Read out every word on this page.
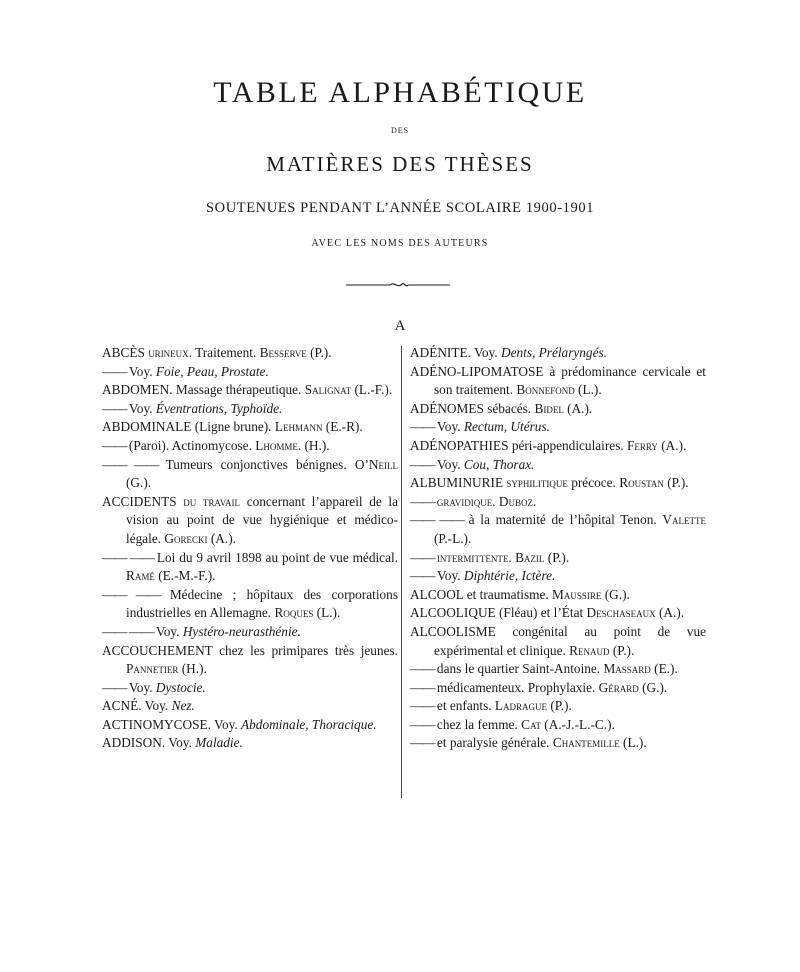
TABLE ALPHABÉTIQUE
DES
MATIÈRES DES THÈSES
SOUTENUES PENDANT L’ANNÉE SCOLAIRE 1900-1901
AVEC LES NOMS DES AUTEURS
A
ABCÈS urineux. Traitement. Besserve (P.).
—— Voy. Foie, Peau, Prostate.
ABDOMEN. Massage thérapeutique. Salignat (L.-F.).
—— Voy. Éventrations, Typhoïde.
ABDOMINALE (Ligne brune). Lehmann (E.-R).
—— (Paroi). Actinomycose. Lhomme. (H.).
—— —— Tumeurs conjonctives bénignes. O’Neill (G.).
ACCIDENTS du travail concernant l’appareil de la vision au point de vue hygiénique et médico-légale. Gorecki (A.).
—— —— Loi du 9 avril 1898 au point de vue médical. Ramé (E.-M.-F.).
—— —— Médecine ; hôpitaux des corporations industrielles en Allemagne. Roques (L.).
—— —— Voy. Hystéro-neurasthénie.
ACCOUCHEMENT chez les primipares très jeunes. Pannetier (H.).
—— Voy. Dystocie.
ACNÉ. Voy. Nez.
ACTINOMYCOSE. Voy. Abdominale, Thoracique.
ADDISON. Voy. Maladie.
ADÉNITE. Voy. Dents, Prélaryngés.
ADÉNO-LIPOMATOSE à prédominance cervicale et son traitement. Bonnefond (L.).
ADÉNOMES sébacés. Bidel (A.).
—— Voy. Rectum, Utérus.
ADÉNOPATHIES péri-appendiculaires. Ferry (A.).
—— Voy. Cou, Thorax.
ALBUMINURIE syphilitique précoce. Roustan (P.).
—— gravidique. Duboz.
—— —— à la maternité de l’hôpital Tenon. Valette (P.-L.).
—— intermittente. Bazil (P.).
—— Voy. Diphtérie, Ictère.
ALCOOL et traumatisme. Maussire (G.).
ALCOOLIQUE (Fléau) et l’État Deschaseaux (A.).
ALCOOLISME congénital au point de vue expérimental et clinique. Renaud (P.).
—— dans le quartier Saint-Antoine. Massard (E.).
—— médicamenteux. Prophylaxie. Gérard (G.).
—— et enfants. Ladrague (P.).
—— chez la femme. Cat (A.-J.-L.-C.).
—— et paralysie générale. Chantemille (L.).
